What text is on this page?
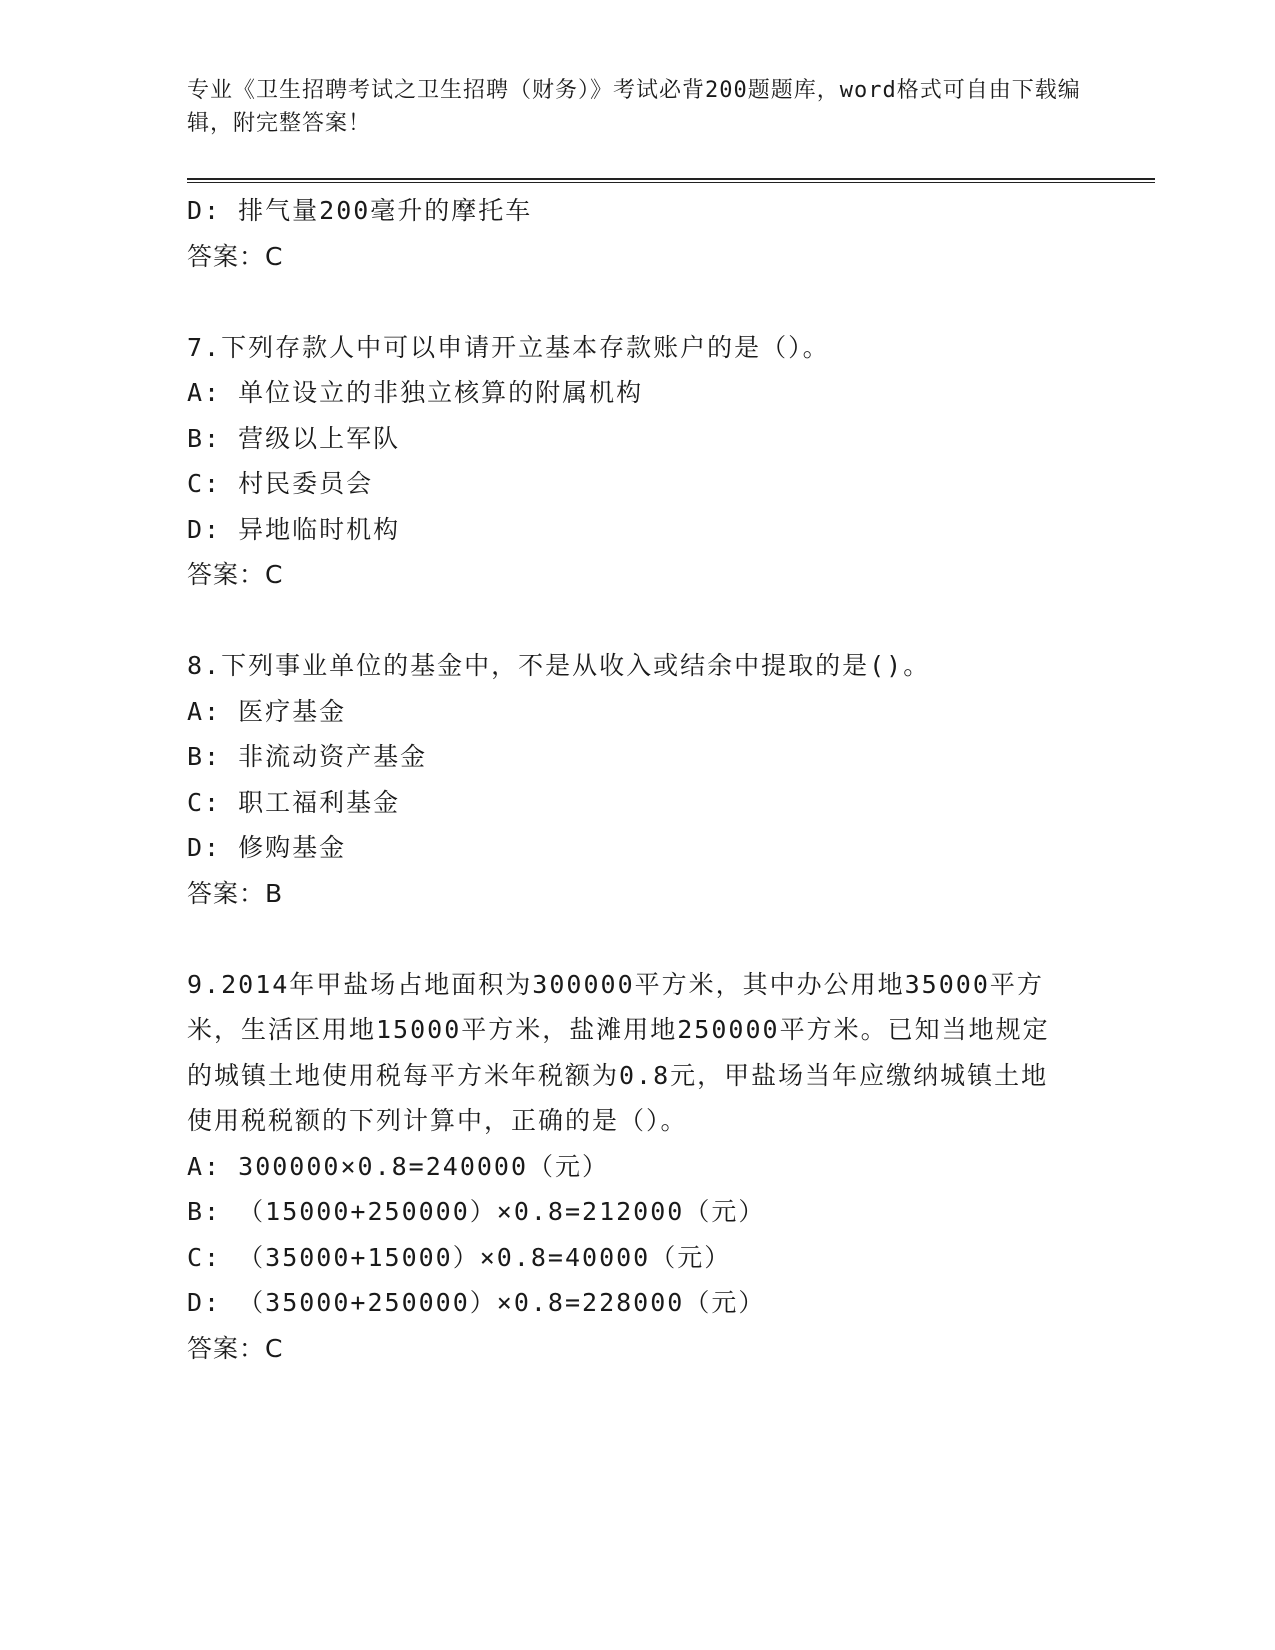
专业《卫生招聘考试之卫生招聘（财务）》考试必背200题题库，word格式可自由下载编辑，附完整答案！
D: 排气量200毫升的摩托车
答案：C
7.下列存款人中可以申请开立基本存款账户的是（）。
A: 单位设立的非独立核算的附属机构
B: 营级以上军队
C: 村民委员会
D: 异地临时机构
答案：C
8.下列事业单位的基金中，不是从收入或结余中提取的是()。
A: 医疗基金
B: 非流动资产基金
C: 职工福利基金
D: 修购基金
答案：B
9.2014年甲盐场占地面积为300000平方米，其中办公用地35000平方米，生活区用地15000平方米，盐滩用地250000平方米。已知当地规定的城镇土地使用税每平方米年税额为0.8元，甲盐场当年应缴纳城镇土地使用税税额的下列计算中，正确的是（）。
A: 300000×0.8=240000（元）
B: （15000+250000）×0.8=212000（元）
C: （35000+15000）×0.8=40000（元）
D: （35000+250000）×0.8=228000（元）
答案：C
